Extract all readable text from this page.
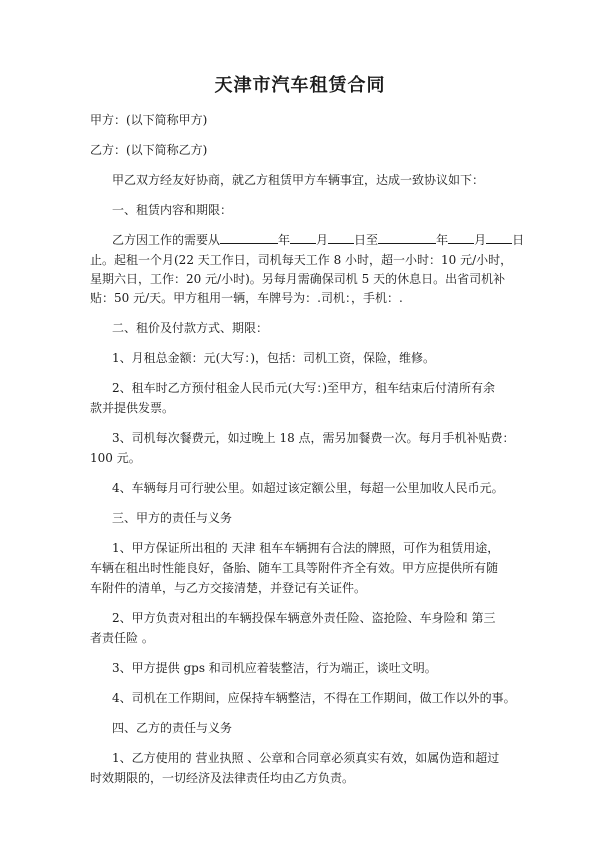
天津市汽车租赁合同
甲方：(以下简称甲方)
乙方：(以下简称乙方)
甲乙双方经友好协商，就乙方租赁甲方车辆事宜，达成一致协议如下：
一、租赁内容和期限：
乙方因工作的需要从	年 月 日至	年 月 日
止。起租一个月(22 天工作日，司机每天工作 8 小时，超一小时：10 元/小时，
星期六日，工作：20 元/小时)。另每月需确保司机 5 天的休息日。出省司机补
贴：50 元/天。甲方租用一辆，车牌号为：.司机：，手机：.
二、租价及付款方式、期限：
1、月租总金额：元(大写：)，包括：司机工资，保险，维修。
2、租车时乙方预付租金人民币元(大写：)至甲方，租车结束后付清所有余
款并提供发票。
3、司机每次餐费元，如过晚上 18 点，需另加餐费一次。每月手机补贴费：
100 元。
4、车辆每月可行驶公里。如超过该定额公里，每超一公里加收人民币元。
三、甲方的责任与义务
1、甲方保证所出租的 天津 租车车辆拥有合法的牌照，可作为租赁用途，
车辆在租出时性能良好，备胎、随车工具等附件齐全有效。甲方应提供所有随
车附件的清单，与乙方交接清楚，并登记有关证件。
2、甲方负责对租出的车辆投保车辆意外责任险、盗抢险、车身险和 第三
者责任险 。
3、甲方提供 gps 和司机应着装整洁，行为端正，谈吐文明。
4、司机在工作期间，应保持车辆整洁，不得在工作期间，做工作以外的事。
四、乙方的责任与义务
1、乙方使用的 营业执照 、公章和合同章必须真实有效，如属伪造和超过
时效期限的，一切经济及法律责任均由乙方负责。
